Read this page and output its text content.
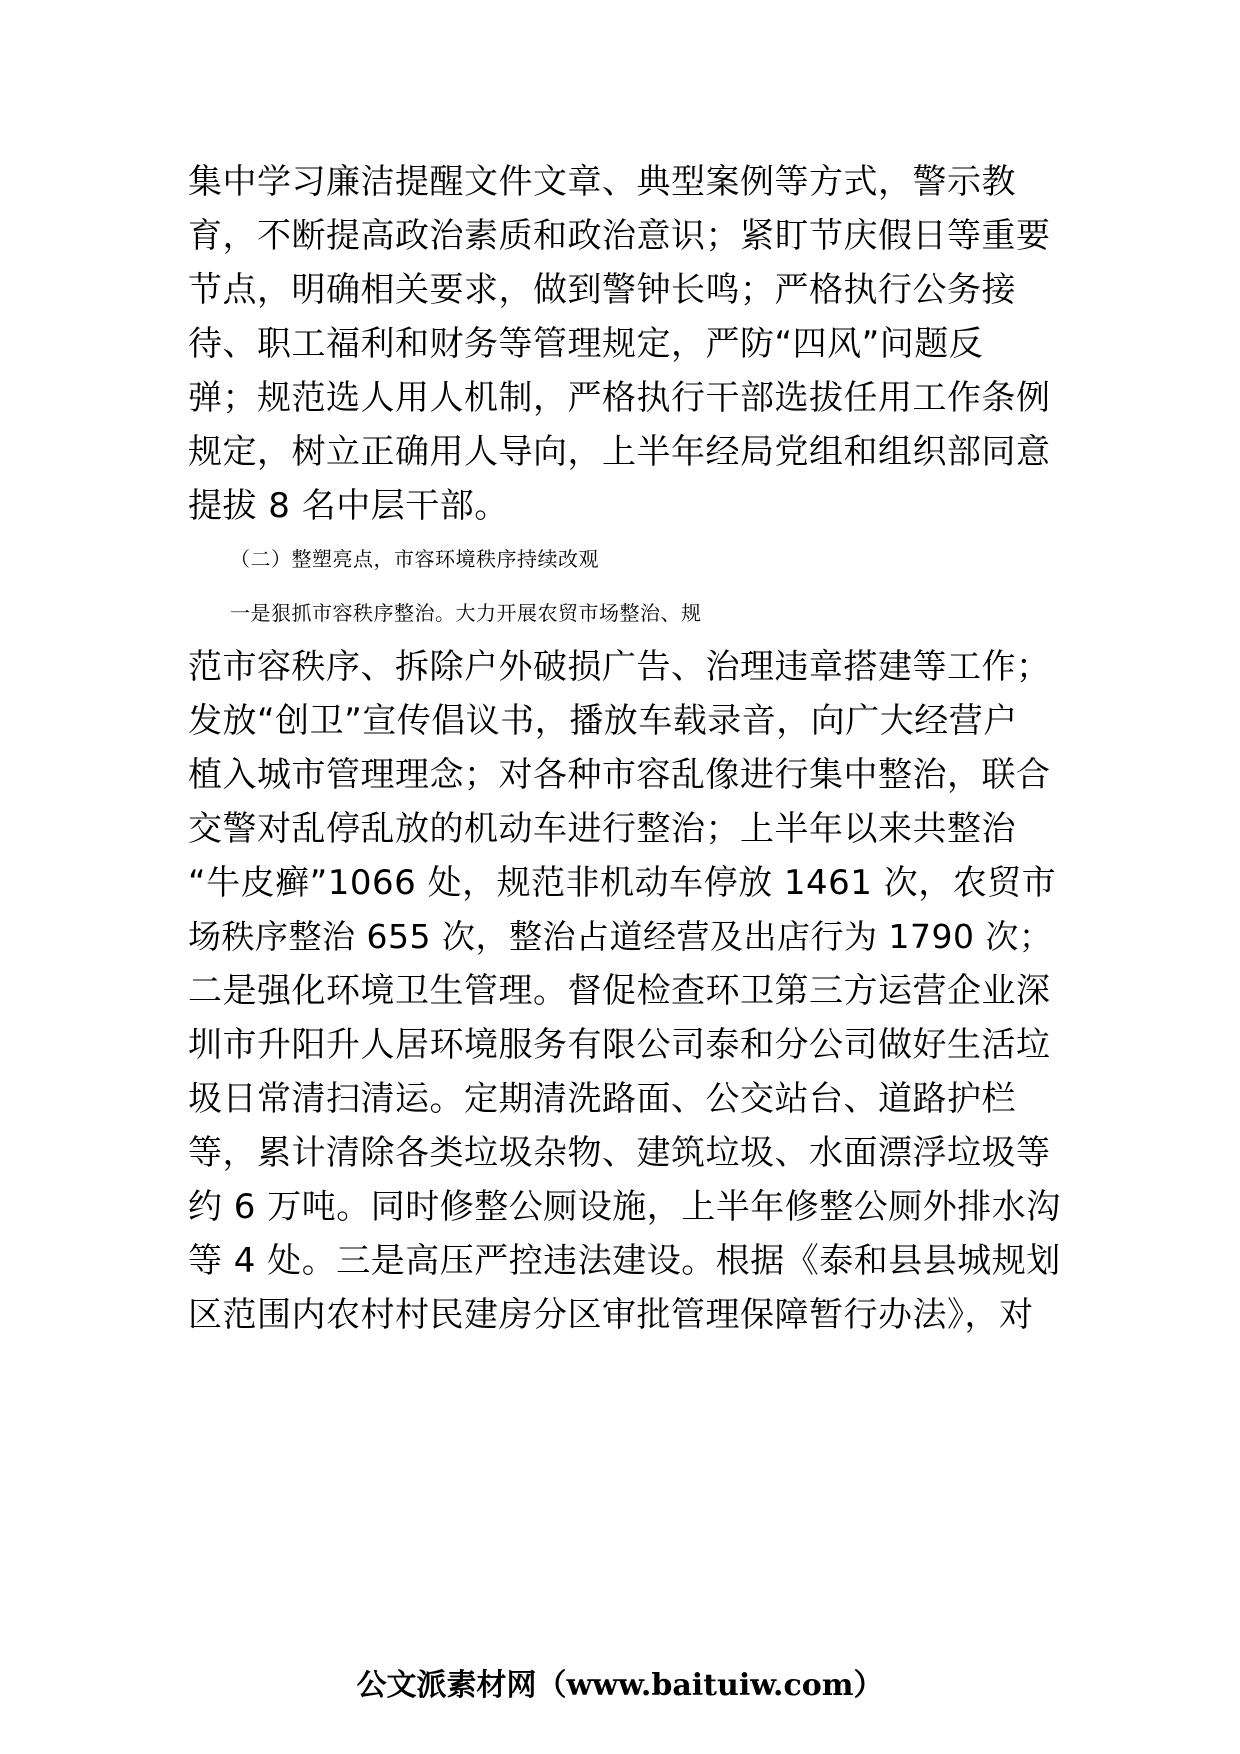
集中学习廉洁提醒文件文章、典型案例等方式，警示教
育，不断提高政治素质和政治意识；紧盯节庆假日等重要
节点，明确相关要求，做到警钟长鸣；严格执行公务接
待、职工福利和财务等管理规定，严防“四风”问题反
弹；规范选人用人机制，严格执行干部选拔任用工作条例
规定，树立正确用人导向，上半年经局党组和组织部同意
提拔 8 名中层干部。
（二）整塑亮点，市容环境秩序持续改观
一是狠抓市容秩序整治。大力开展农贸市场整治、规
范市容秩序、拆除户外破损广告、治理违章搭建等工作；
发放“创卫”宣传倡议书，播放车载录音，向广大经营户
植入城市管理理念；对各种市容乱像进行集中整治，联合
交警对乱停乱放的机动车进行整治；上半年以来共整治
“牛皮癣”1066 处，规范非机动车停放 1461 次，农贸市
场秩序整治 655 次，整治占道经营及出店行为 1790 次；
二是强化环境卫生管理。督促检查环卫第三方运营企业深
圳市升阳升人居环境服务有限公司泰和分公司做好生活垃
圾日常清扫清运。定期清洗路面、公交站台、道路护栏
等，累计清除各类垃圾杂物、建筑垃圾、水面漂浮垃圾等
约 6 万吨。同时修整公厕设施，上半年修整公厕外排水沟
等 4 处。三是高压严控违法建设。根据《泰和县县城规划
区范围内农村村民建房分区审批管理保障暂行办法》，对
公文派素材网（www.baituiw.com）
